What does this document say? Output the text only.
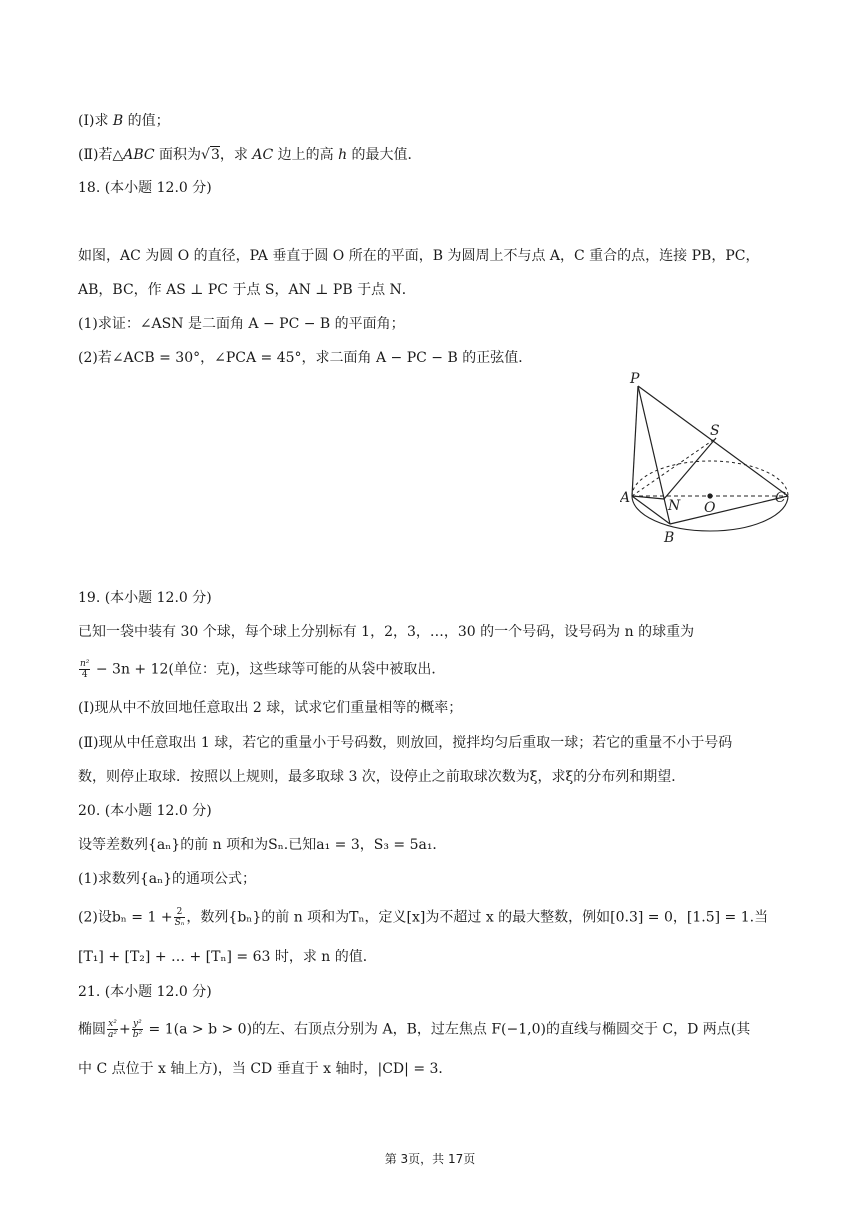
(Ⅰ)求 B 的值；
(Ⅱ)若△ABC 面积为√3，求 AC 边上的高 h 的最大值．
18. (本小题 12.0 分)
如图，AC 为圆 O 的直径，PA 垂直于圆 O 所在的平面，B 为圆周上不与点 A，C 重合的点，连接 PB，PC，
AB，BC，作 AS ⊥ PC 于点 S，AN ⊥ PB 于点 N．
(1)求证：∠ASN 是二面角 A − PC − B 的平面角；
(2)若∠ACB = 30°，∠PCA = 45°，求二面角 A − PC − B 的正弦值．
P
S
A	N O
C
B
19. (本小题 12.0 分)
已知一袋中装有 30 个球，每个球上分别标有 1，2，3，…，30 的一个号码，设号码为 n 的球重为
$\frac{\text{n²}}{4} - 3n + 12$(单位：克)，这些球等可能的从袋中被取出．
(Ⅰ)现从中不放回地任意取出 2 球，试求它们重量相等的概率；
(Ⅱ)现从中任意取出 1 球，若它的重量小于号码数，则放回，搅拌均匀后重取一球；若它的重量不小于号码
数，则停止取球．按照以上规则，最多取球 3 次，设停止之前取球次数为ξ，求ξ的分布列和期望．
20. (本小题 12.0 分)
设等差数列{aₙ}的前 n 项和为Sₙ.已知a₁ = 3，S₃ = 5a₁．
(1)求数列{aₙ}的通项公式；
(2)设$b_n = 1 + \frac{2}{\text{Sₙ}}$ ，数列{bₙ}的前 n 项和为Tₙ，定义[x]为不超过 x 的最大整数，例如[0.3] = 0，[1.5] = 1.当
[T₁] + [T₂] + … + [Tₙ] = 63 时，求 n 的值．
21. (本小题 12.0 分)
椭圆 $\frac{\text{x²}}{\text{a²}} + \frac{\text{y²}}{\text{b²}} = 1(a > b > 0)$的左、右顶点分别为 A，B，过左焦点 F(−1,0)的直线与椭圆交于 C，D 两点(其
中 C 点位于 x 轴上方)，当 CD 垂直于 x 轴时，|CD| = 3．
第 3页，共 17页
